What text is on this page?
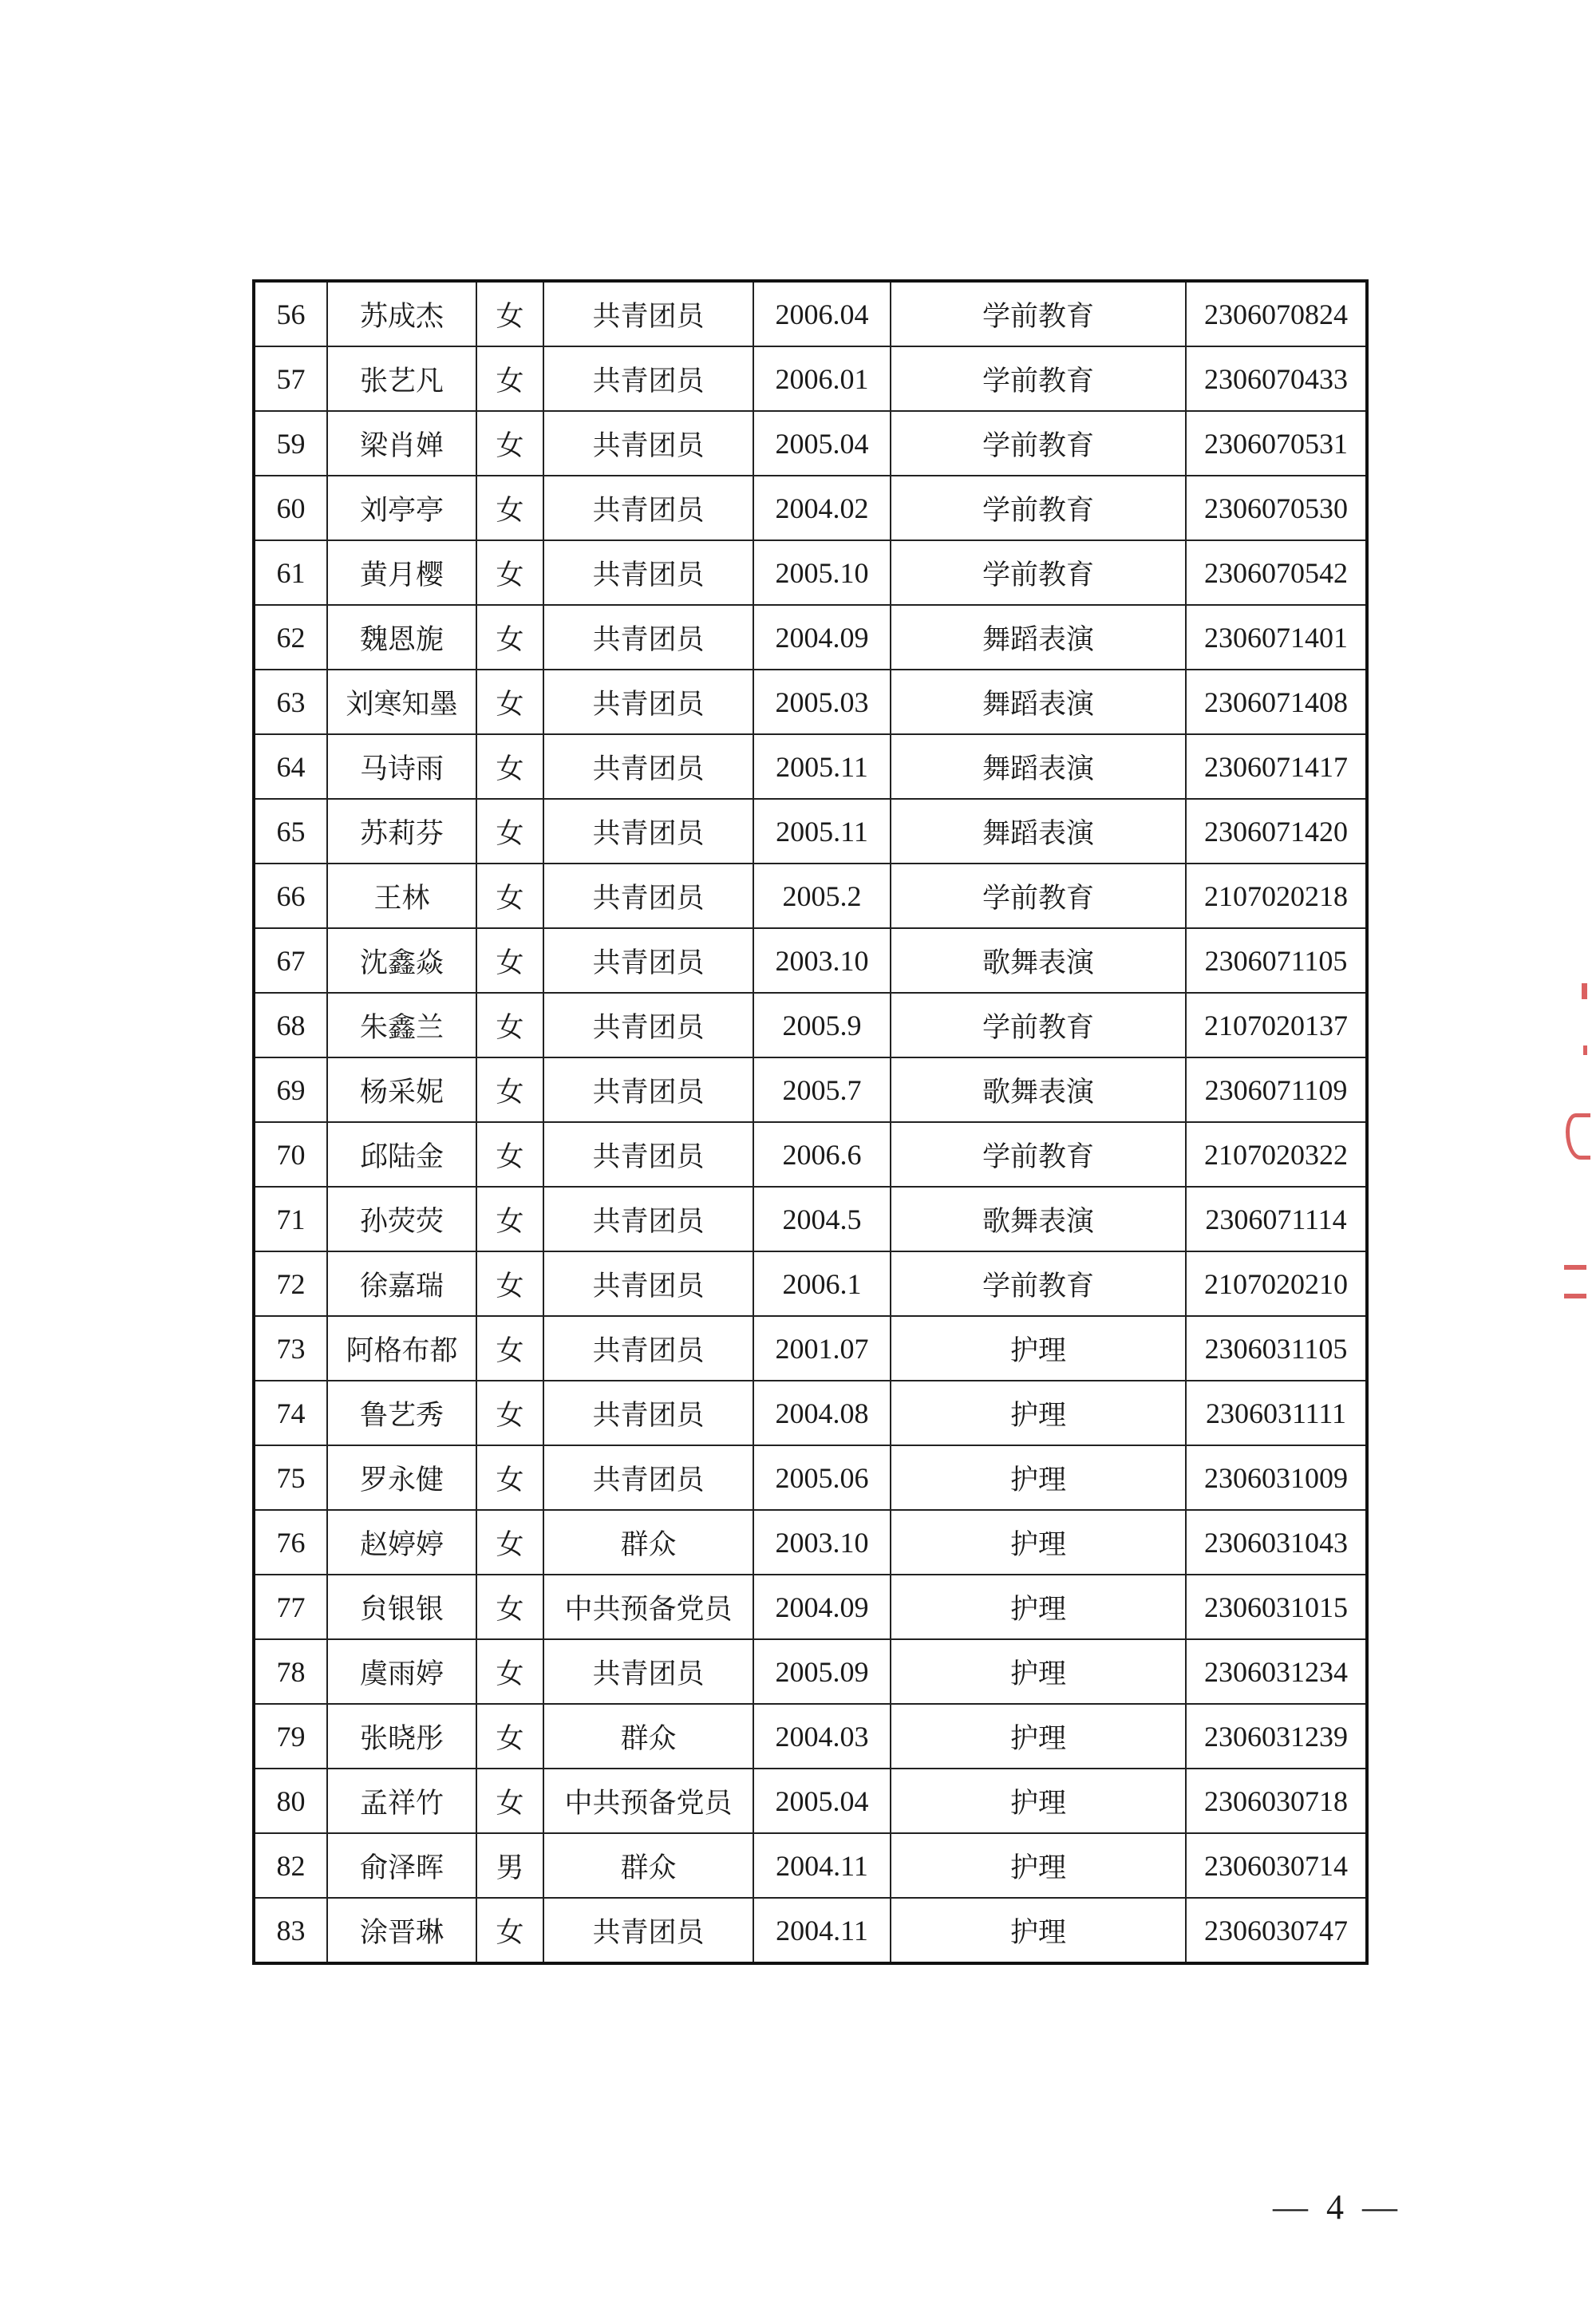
56	苏成杰	女	共青团员	2006.04	学前教育	2306070824
57	张艺凡	女	共青团员	2006.01	学前教育	2306070433
59	梁肖婵	女	共青团员	2005.04	学前教育	2306070531
60	刘亭亭	女	共青团员	2004.02	学前教育	2306070530
61	黄月樱	女	共青团员	2005.10	学前教育	2306070542
62	魏恩旎	女	共青团员	2004.09	舞蹈表演	2306071401
63	刘寒知墨	女	共青团员	2005.03	舞蹈表演	2306071408
64	马诗雨	女	共青团员	2005.11	舞蹈表演	2306071417
65	苏莉芬	女	共青团员	2005.11	舞蹈表演	2306071420
66	王林	女	共青团员	2005.2	学前教育	2107020218
67	沈鑫焱	女	共青团员	2003.10	歌舞表演	2306071105
68	朱鑫兰	女	共青团员	2005.9	学前教育	2107020137
69	杨采妮	女	共青团员	2005.7	歌舞表演	2306071109
70	邱陆金	女	共青团员	2006.6	学前教育	2107020322
71	孙荧荧	女	共青团员	2004.5	歌舞表演	2306071114
72	徐嘉瑞	女	共青团员	2006.1	学前教育	2107020210
73	阿格布都	女	共青团员	2001.07	护理	2306031105
74	鲁艺秀	女	共青团员	2004.08	护理	2306031111
75	罗永健	女	共青团员	2005.06	护理	2306031009
76	赵婷婷	女	群众	2003.10	护理	2306031043
77	贠银银	女	中共预备党员	2004.09	护理	2306031015
78	虞雨婷	女	共青团员	2005.09	护理	2306031234
79	张晓彤	女	群众	2004.03	护理	2306031239
80	孟祥竹	女	中共预备党员	2005.04	护理	2306030718
82	俞泽晖	男	群众	2004.11	护理	2306030714
83	涂晋琳	女	共青团员	2004.11	护理	2306030747
— 4 —
